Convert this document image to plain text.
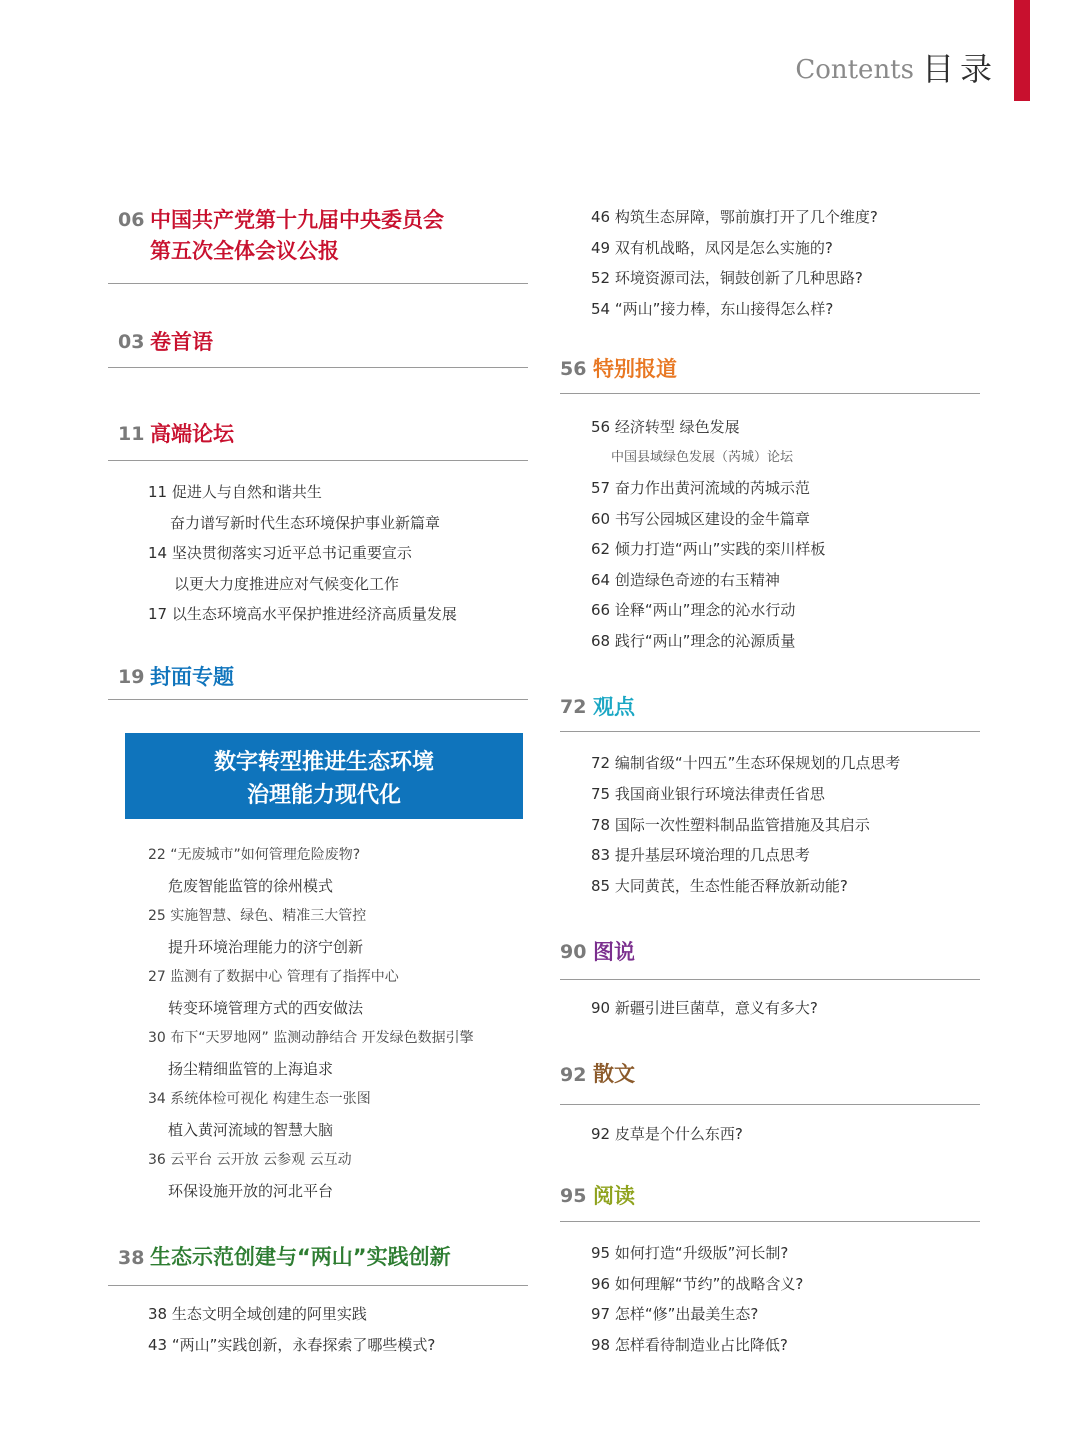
Contents 目录
06 中国共产党第十九届中央委员会
第五次全体会议公报
03 卷首语
11 高端论坛
11 促进人与自然和谐共生
奋力谱写新时代生态环境保护事业新篇章
14 坚决贯彻落实习近平总书记重要宣示
以更大力度推进应对气候变化工作
17 以生态环境高水平保护推进经济高质量发展
19 封面专题
22 “无废城市”如何管理危险废物?
危废智能监管的徐州模式
25 实施智慧、绿色、精准三大管控
提升环境治理能力的济宁创新
27 监测有了数据中心 管理有了指挥中心
转变环境管理方式的西安做法
30 布下“天罗地网” 监测动静结合 开发绿色数据引擎
扬尘精细监管的上海追求
34 系统体检可视化 构建生态一张图
植入黄河流域的智慧大脑
36 云平台 云开放 云参观 云互动
环保设施开放的河北平台
38 生态示范创建与“两山”实践创新
38 生态文明全域创建的阿里实践
43 “两山”实践创新，永春探索了哪些模式?
数字转型推进生态环境
治理能力现代化
46 构筑生态屏障，鄂前旗打开了几个维度?
49 双有机战略，凤冈是怎么实施的?
52 环境资源司法，铜鼓创新了几种思路?
54 “两山”接力棒，东山接得怎么样?
56 特别报道
56 经济转型 绿色发展
中国县域绿色发展（芮城）论坛
57 奋力作出黄河流域的芮城示范
60 书写公园城区建设的金牛篇章
62 倾力打造“两山”实践的栾川样板
64 创造绿色奇迹的右玉精神
66 诠释“两山”理念的沁水行动
68 践行“两山”理念的沁源质量
72 观点
72 编制省级“十四五”生态环保规划的几点思考
75 我国商业银行环境法律责任省思
78 国际一次性塑料制品监管措施及其启示
83 提升基层环境治理的几点思考
85 大同黄芪，生态性能否释放新动能?
90 图说
90 新疆引进巨菌草，意义有多大?
92 散文
92 皮草是个什么东西?
95 阅读
95 如何打造“升级版”河长制?
96 如何理解“节约”的战略含义?
97 怎样“修”出最美生态?
98 怎样看待制造业占比降低?
